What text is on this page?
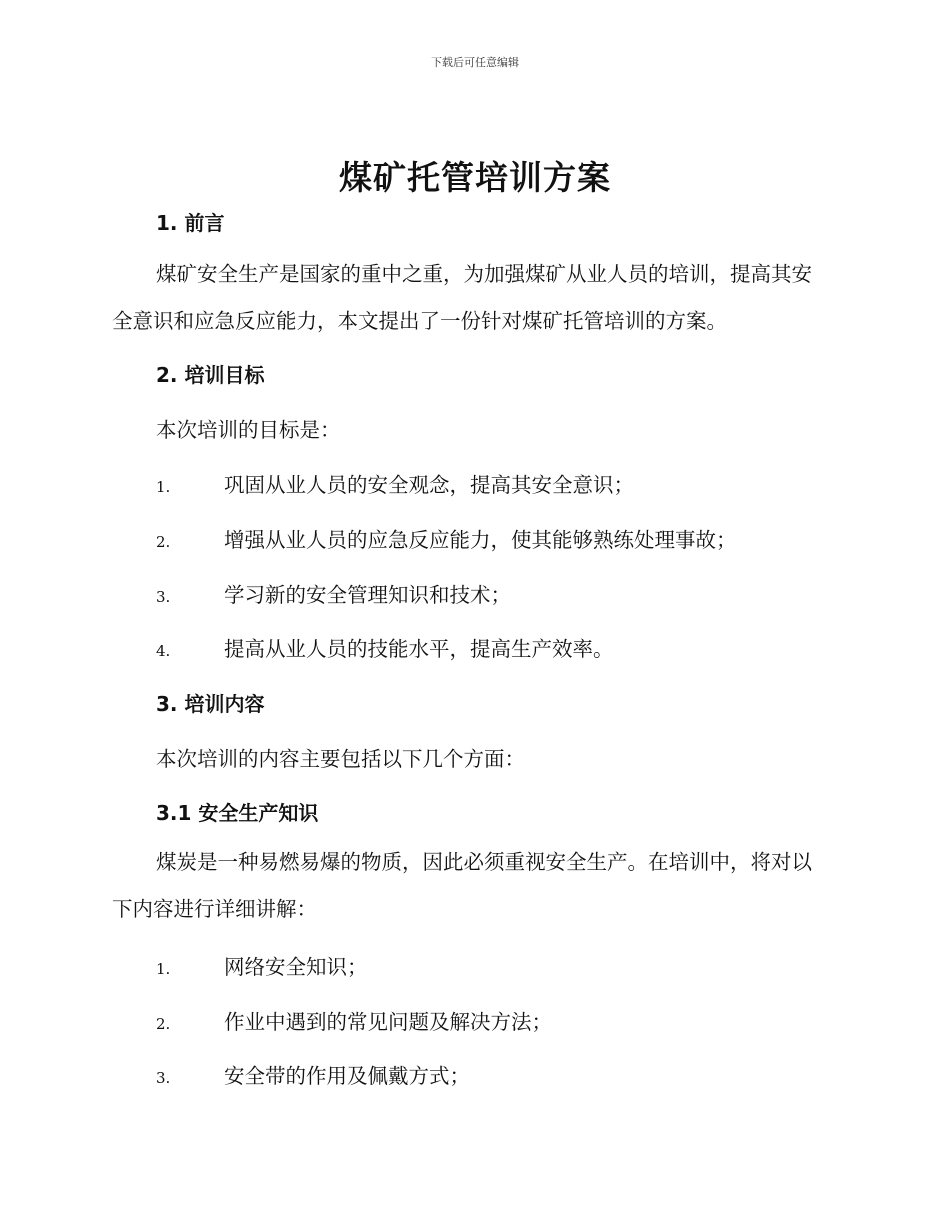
下载后可任意编辑
煤矿托管培训方案
1. 前言

煤矿安全生产是国家的重中之重，为加强煤矿从业人员的培训，提高其安全意识和应急反应能力，本文提出了一份针对煤矿托管培训的方案。

2. 培训目标
本次培训的目标是：
1.	巩固从业人员的安全观念，提高其安全意识；
2.	增强从业人员的应急反应能力，使其能够熟练处理事故；
3.	学习新的安全管理知识和技术；
4.	提高从业人员的技能水平，提高生产效率。
3. 培训内容
本次培训的内容主要包括以下几个方面：
3.1 安全生产知识

煤炭是一种易燃易爆的物质，因此必须重视安全生产。在培训中，将对以下内容进行详细讲解：

1.	网络安全知识；
2.	作业中遇到的常见问题及解决方法；
3.	安全带的作用及佩戴方式；
